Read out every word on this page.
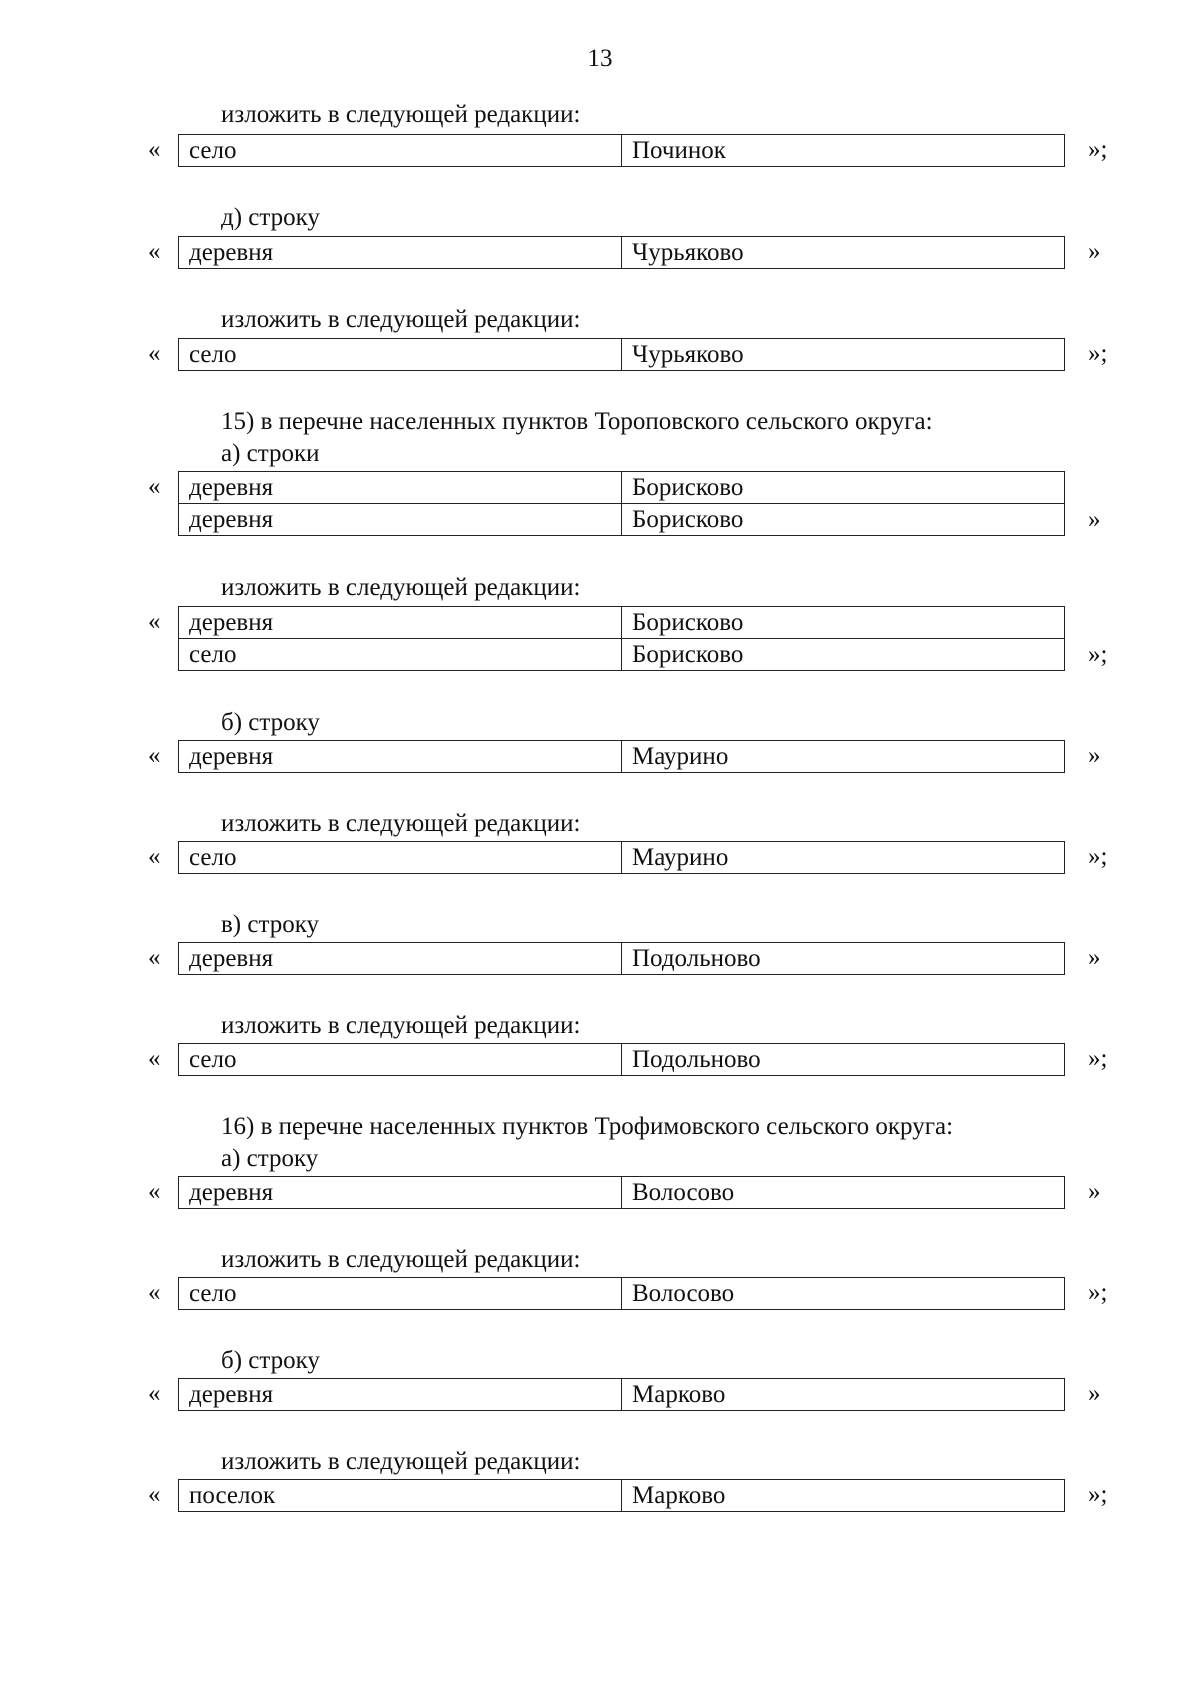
13
изложить в следующей редакции:
« село	Починок	»;
д) строку
« деревня	Чурьяково	»
изложить в следующей редакции:
« село	Чурьяково	»;
15) в перечне населенных пунктов Тороповского сельского округа:
а) строки
« деревня	Борисково
деревня	Борисково	»
изложить в следующей редакции:
« деревня	Борисково
село	Борисково	»;
б) строку
« деревня	Маурино	»
изложить в следующей редакции:
« село	Маурино	»;
в) строку
« деревня	Подольново	»
изложить в следующей редакции:
« село	Подольново	»;
16) в перечне населенных пунктов Трофимовского сельского округа:
а) строку
« деревня	Волосово	»
изложить в следующей редакции:
« село	Волосово	»;
б) строку
« деревня	Марково	»
изложить в следующей редакции:
« поселок	Марково	»;
